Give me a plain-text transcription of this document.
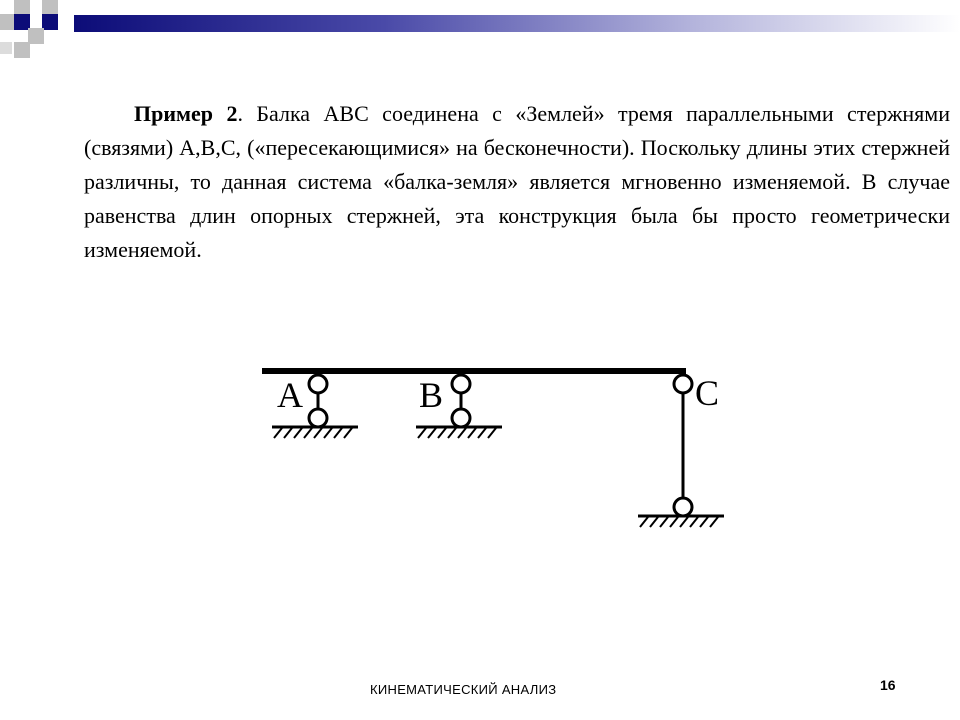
Пример 2. Балка АВС соединена с «Землей» тремя параллельными стержнями (связями) А,В,С, («пересекающимися» на бесконечности). Поскольку длины этих стержней различны, то данная система «балка-земля» является мгновенно изменяемой. В случае равенства длин опорных стержней, эта конструкция была бы просто геометрически изменяемой.
A	B	C
КИНЕМАТИЧЕСКИЙ АНАЛИЗ	16
